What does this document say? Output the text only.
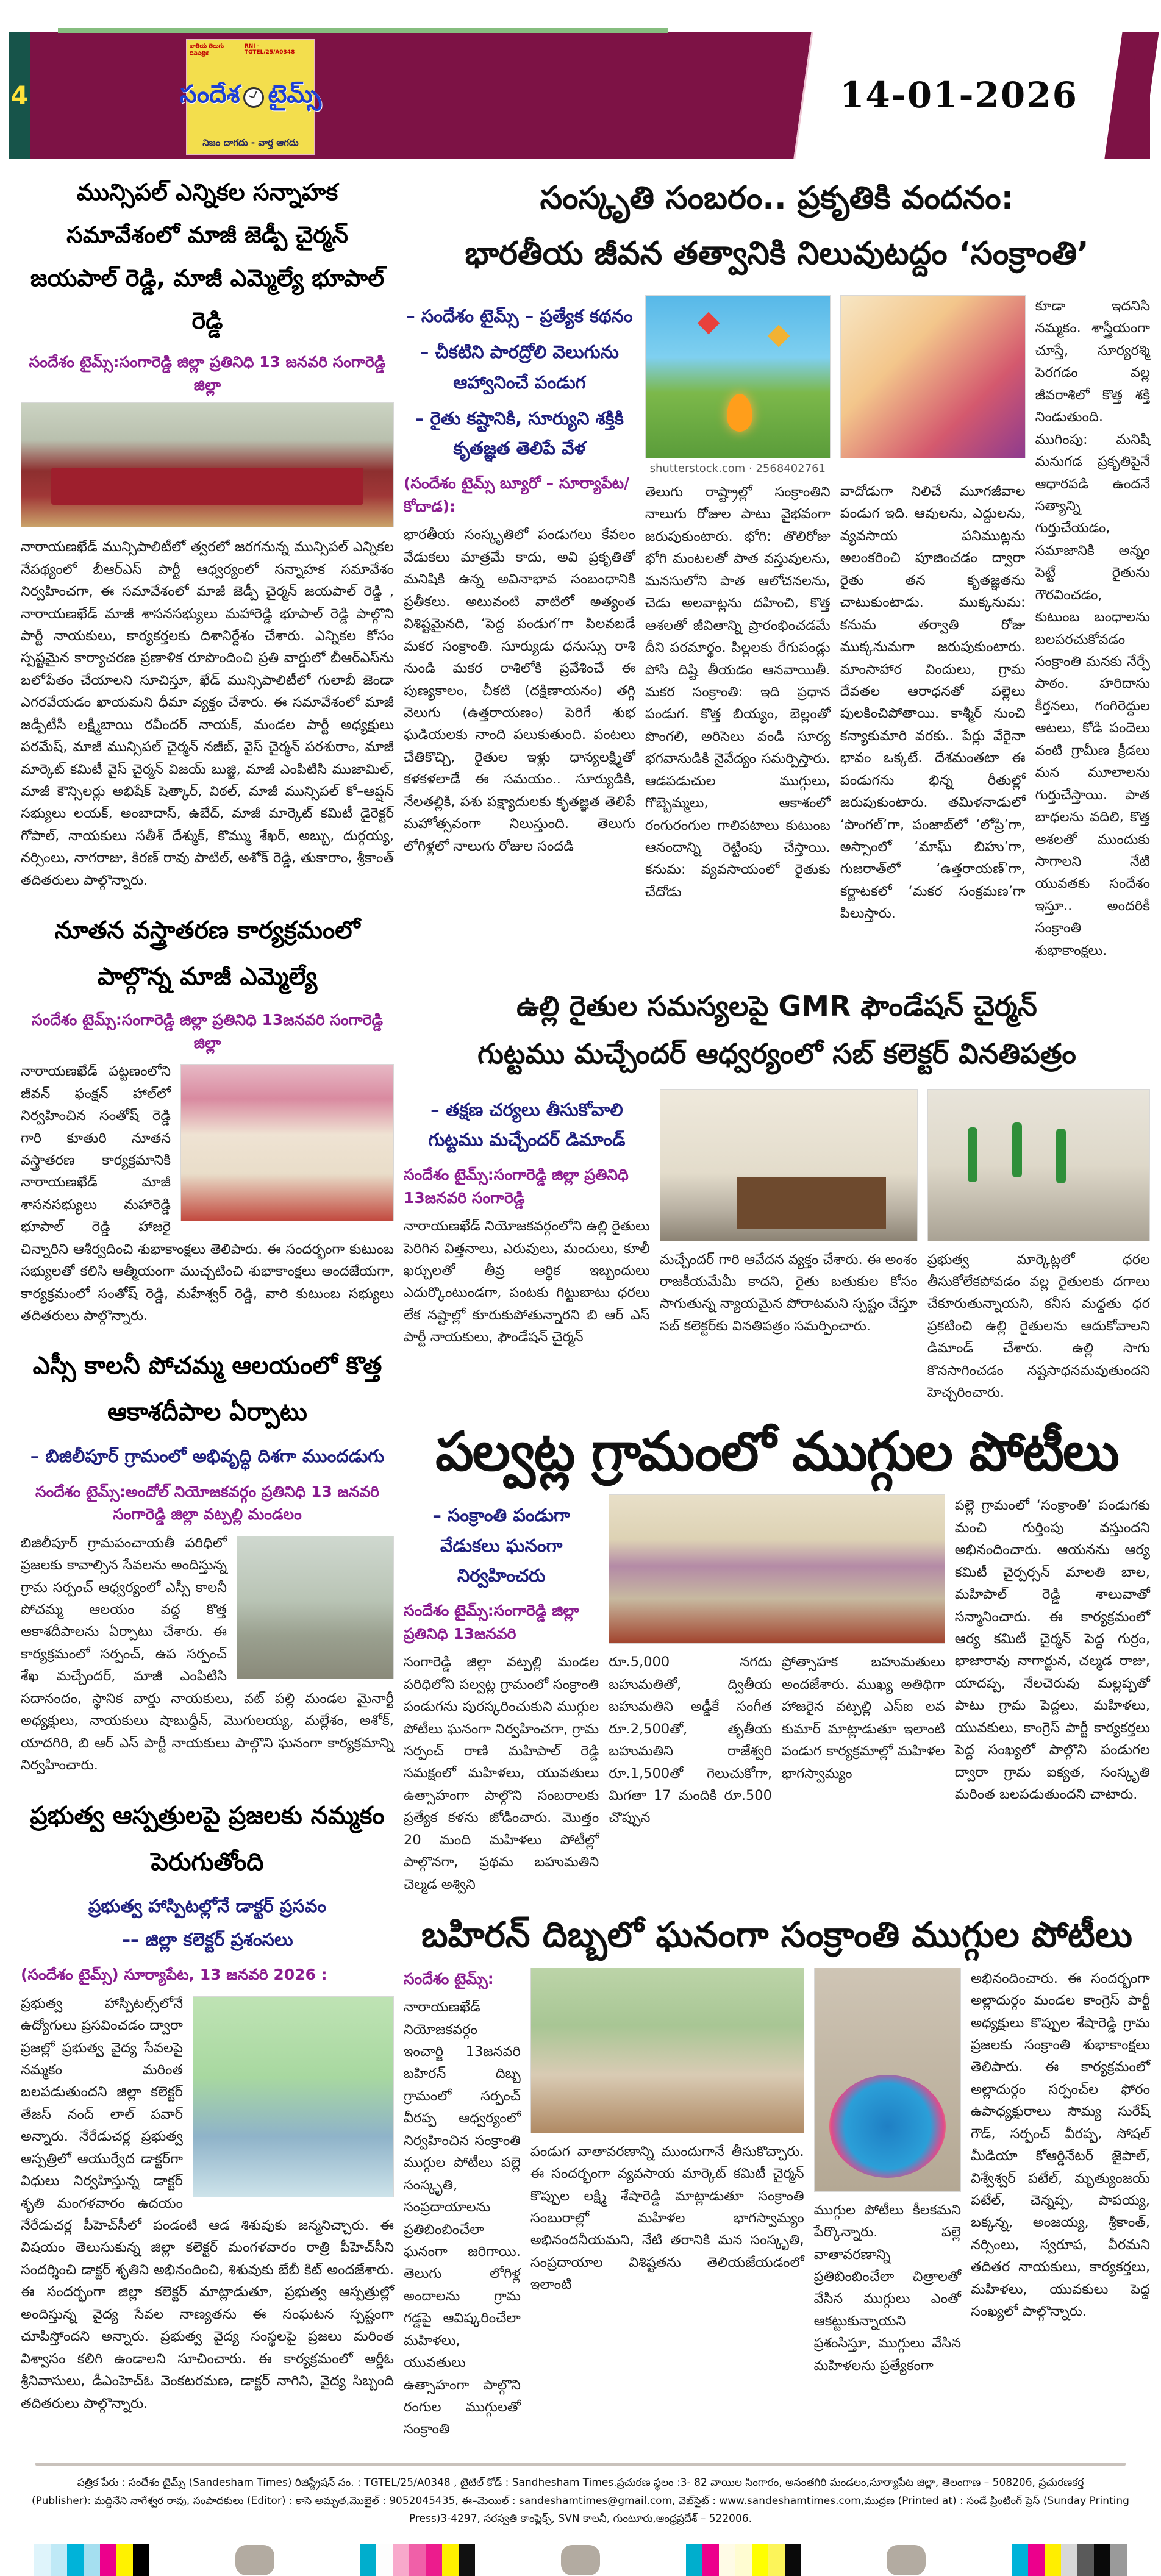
4
జాతీయ తెలుగు దినపత్రిక
RNI - TGTEL/25/A0348
సందేశ టైమ్స్
నిజం దాగదు - వార్త ఆగదు
14-01-2026
మున్సిపల్ ఎన్నికల సన్నాహక సమావేశంలో మాజీ జెడ్పీ చైర్మన్ జయపాల్ రెడ్డి, మాజీ ఎమ్మెల్యే భూపాల్ రెడ్డి

సందేశం టైమ్స్:సంగారెడ్డి జిల్లా ప్రతినిధి 13 జనవరి సంగారెడ్డి జిల్లా

నారాయణఖేడ్ మున్సిపాలిటీలో త్వరలో జరగనున్న మున్సిపల్ ఎన్నికల నేపథ్యంలో బీఆర్ఎస్ పార్టీ ఆధ్వర్యంలో సన్నాహక సమావేశం నిర్వహించగా, ఈ సమావేశంలో మాజీ జెడ్పీ చైర్మన్ జయపాల్ రెడ్డి , నారాయణఖేడ్ మాజీ శాసనసభ్యులు మహారెడ్డి భూపాల్ రెడ్డి పాల్గొని పార్టీ నాయకులు, కార్యకర్తలకు దిశానిర్దేశం చేశారు. ఎన్నికల కోసం స్పష్టమైన కార్యాచరణ ప్రణాళిక రూపొందించి ప్రతి వార్డులో బీఆర్ఎస్‌ను బలోపేతం చేయాలని సూచిస్తూ, ఖేడ్ మున్సిపాలిటీలో గులాబీ జెండా ఎగరవేయడం ఖాయమని ధీమా వ్యక్తం చేశారు. ఈ సమావేశంలో మాజీ జడ్పీటీసీ లక్ష్మీబాయి రవీందర్ నాయక్, మండల పార్టీ అధ్యక్షులు పరమేష్, మాజీ మున్సిపల్ చైర్మన్ నజీబ్, వైస్ చైర్మన్ పరశురాం, మాజీ మార్కెట్ కమిటీ వైస్ చైర్మన్ విజయ్ బుజ్జి, మాజీ ఎంపిటిసి ముజామిల్, మాజీ కౌన్సిలర్లు అభిషేక్ షెత్కార్, విఠల్, మాజీ మున్సిపల్ కో–ఆప్షన్ సభ్యులు లయక్, అంబాదాస్, ఉబేద్, మాజీ మార్కెట్ కమిటీ డైరెక్టర్ గోపాల్, నాయకులు సతీశ్ దేశ్ముక్, కొమ్ము శేఖర్, అబ్బు, దుర్గయ్య, నర్సింలు, నాగరాజు, కిరణ్ రావు పాటిల్, అశోక్ రెడ్డి, తుకారాం, శ్రీకాంత్ తదితరులు పాల్గొన్నారు.

నూతన వస్త్రాతరణ కార్యక్రమంలో పాల్గొన్న మాజీ ఎమ్మెల్యే

సందేశం టైమ్స్:సంగారెడ్డి జిల్లా ప్రతినిధి 13జనవరి సంగారెడ్డి జిల్లా

నారాయణఖేడ్ పట్టణంలోని జీవన్ ఫంక్షన్ హాల్‌లో నిర్వహించిన సంతోష్ రెడ్డి గారి కూతురి నూతన వస్త్రాతరణ కార్యక్రమానికి నారాయణఖేడ్ మాజీ శాసనసభ్యులు మహారెడ్డి భూపాల్ రెడ్డి హాజరై చిన్నారిని ఆశీర్వదించి శుభాకాంక్షలు తెలిపారు. ఈ సందర్భంగా కుటుంబ సభ్యులతో కలిసి ఆత్మీయంగా ముచ్చటించి శుభాకాంక్షలు అందజేయగా, కార్యక్రమంలో సంతోష్ రెడ్డి, మహేశ్వర్ రెడ్డి, వారి కుటుంబ సభ్యులు తదితరులు పాల్గొన్నారు.

ఎస్సీ కాలనీ పోచమ్మ ఆలయంలో కొత్త ఆకాశదీపాల ఏర్పాటు

– బిజిలీపూర్ గ్రామంలో అభివృద్ధి దిశగా ముందడుగు

సందేశం టైమ్స్:అందోల్ నియోజకవర్గం ప్రతినిధి 13 జనవరి సంగారెడ్డి జిల్లా వట్పల్లి మండలం

బిజిలీపూర్ గ్రామపంచాయతీ పరిధిలో ప్రజలకు కావాల్సిన సేవలను అందిస్తున్న గ్రామ సర్పంచ్ ఆధ్వర్యంలో ఎస్సీ కాలనీ పోచమ్మ ఆలయం వద్ద కొత్త ఆకాశదీపాలను ఏర్పాటు చేశారు. ఈ కార్యక్రమంలో సర్పంచ్, ఉప సర్పంచ్ శేఖ మచ్చేందర్, మాజీ ఎంపిటిసి సదానందం, స్థానిక వార్డు నాయకులు, వట్ పల్లి మండల మైనార్టీ అధ్యక్షులు, నాయకులు షాబుద్దీన్, మొగులయ్య, మల్లేశం, అశోక్, యాదగిరి, బి ఆర్ ఎస్ పార్టీ నాయకులు పాల్గొని ఘనంగా కార్యక్రమాన్ని నిర్వహించారు.

ప్రభుత్వ ఆస్పత్రులపై ప్రజలకు నమ్మకం పెరుగుతోంది

ప్రభుత్వ హాస్పిటల్లోనే డాక్టర్ ప్రసవం

–– జిల్లా కలెక్టర్ ప్రశంసలు

(సందేశం టైమ్స్) సూర్యాపేట, 13 జనవరి 2026 :

ప్రభుత్వ హాస్పిటల్స్‌లోనే ఉద్యోగులు ప్రసవించడం ద్వారా ప్రజల్లో ప్రభుత్వ వైద్య సేవలపై నమ్మకం మరింత బలపడుతుందని జిల్లా కలెక్టర్ తేజస్ నంద్ లాల్ పవార్ అన్నారు. నేరేడుచర్ల ప్రభుత్వ ఆస్పత్రిలో ఆయుర్వేద డాక్టర్‌గా విధులు నిర్వహిస్తున్న డాక్టర్ శృతి మంగళవారం ఉదయం నేరేడుచర్ల పీహెచ్‌సీలో పండంటి ఆడ శిశువుకు జన్మనిచ్చారు. ఈ విషయం తెలుసుకున్న జిల్లా కలెక్టర్ మంగళవారం రాత్రి పీహెచ్‌సీని సందర్శించి డాక్టర్ శృతిని అభినందించి, శిశువుకు బేబీ కిట్ అందజేశారు. ఈ సందర్భంగా జిల్లా కలెక్టర్ మాట్లాడుతూ, ప్రభుత్వ ఆస్పత్రుల్లో అందిస్తున్న వైద్య సేవల నాణ్యతను ఈ సంఘటన స్పష్టంగా చూపిస్తోందని అన్నారు. ప్రభుత్వ వైద్య సంస్థలపై ప్రజలు మరింత విశ్వాసం కలిగి ఉండాలని సూచించారు. ఈ కార్యక్రమంలో ఆర్డీఓ శ్రీనివాసులు, డీఎంహెచ్ఓ వెంకటరమణ, డాక్టర్ నాగిని, వైద్య సిబ్బంది తదితరులు పాల్గొన్నారు.

సంస్కృతి సంబరం.. ప్రకృతికి వందనం:
భారతీయ జీవన తత్వానికి నిలువుటద్దం ‘సంక్రాంతి’

– సందేశం టైమ్స్ – ప్రత్యేక కథనం

– చీకటిని పారద్రోలి వెలుగును ఆహ్వానించే పండుగ

– రైతు కష్టానికి, సూర్యుని శక్తికి కృతజ్ఞత తెలిపే వేళ

(సందేశం టైమ్స్ బ్యూరో – సూర్యాపేట/కోదాడ):

భారతీయ సంస్కృతిలో పండుగలు కేవలం వేడుకలు మాత్రమే కాదు, అవి ప్రకృతితో మనిషికి ఉన్న అవినాభావ సంబంధానికి ప్రతీకలు. అటువంటి వాటిలో అత్యంత విశిష్టమైనది, ‘పెద్ద పండుగ’గా పిలవబడే మకర సంక్రాంతి. సూర్యుడు ధనుస్సు రాశి నుండి మకర రాశిలోకి ప్రవేశించే ఈ పుణ్యకాలం, చీకటి (దక్షిణాయనం) తగ్గి వెలుగు (ఉత్తరాయణం) పెరిగే శుభ ఘడియలకు నాంది పలుకుతుంది. పంటలు చేతికొచ్చి, రైతుల ఇళ్లు ధాన్యలక్ష్మితో కళకళలాడే ఈ సమయం.. సూర్యుడికి, నేలతల్లికి, పశు పక్ష్యాదులకు కృతజ్ఞత తెలిపే మహోత్సవంగా నిలుస్తుంది. తెలుగు లోగిళ్లలో నాలుగు రోజుల సందడి

shutterstock.com · 2568402761

తెలుగు రాష్ట్రాల్లో సంక్రాంతిని నాలుగు రోజుల పాటు వైభవంగా జరుపుకుంటారు. భోగి: తొలిరోజు భోగి మంటలతో పాత వస్తువులను, మనసులోని పాత ఆలోచనలను, చెడు అలవాట్లను దహించి, కొత్త ఆశలతో జీవితాన్ని ప్రారంభించడమే దీని పరమార్థం. పిల్లలకు రేగుపండ్లు పోసి దిష్టి తీయడం ఆనవాయితీ. మకర సంక్రాంతి: ఇది ప్రధాన పండుగ. కొత్త బియ్యం, బెల్లంతో పొంగలి, అరిసెలు వండి సూర్య భగవానుడికి నైవేద్యం సమర్పిస్తారు. ఆడపడుచుల ముగ్గులు, గొబ్బెమ్మలు, ఆకాశంలో రంగురంగుల గాలిపటాలు కుటుంబ ఆనందాన్ని రెట్టింపు చేస్తాయి. కనుమ: వ్యవసాయంలో రైతుకు చేదోడు

వాదోడుగా నిలిచే మూగజీవాల పండుగ ఇది. ఆవులను, ఎద్దులను, వ్యవసాయ పనిముట్లను అలంకరించి పూజించడం ద్వారా రైతు తన కృతజ్ఞతను చాటుకుంటాడు. ముక్కనుమ: కనుమ తర్వాతి రోజు ముక్కనుమగా జరుపుకుంటారు. మాంసాహార విందులు, గ్రామ దేవతల ఆరాధనతో పల్లెలు పులకించిపోతాయి. కాశ్మీర్ నుంచి కన్యాకుమారి వరకు.. పేర్లు వేరైనా భావం ఒక్కటే. దేశమంతటా ఈ పండుగను భిన్న రీతుల్లో జరుపుకుంటారు. తమిళనాడులో ‘పొంగల్’గా, పంజాబ్‌లో ‘లోప్రి’గా, అస్సాంలో ‘మాఘ్ బిహు’గా, గుజరాత్‌లో ‘ఉత్తరాయణ్’గా, కర్ణాటకలో ‘మకర సంక్రమణ’గా పిలుస్తారు.

కూడా ఇదనిసి నమ్మకం. శాస్త్రీయంగా చూస్తే, సూర్యరశ్మి పెరగడం వల్ల జీవరాశిలో కొత్త శక్తి నిండుతుంది. ముగింపు: మనిషి మనుగడ ప్రకృతిపైనే ఆధారపడి ఉందనే సత్యాన్ని గుర్తుచేయడం, సమాజానికి అన్నం పెట్టే రైతును గౌరవించడం, కుటుంబ బంధాలను బలపరచుకోవడం సంక్రాంతి మనకు నేర్పే పాఠం. హరిదాసు కీర్తనలు, గంగిరెద్దుల ఆటలు, కోడి పందెలు వంటి గ్రామీణ క్రీడలు మన మూలాలను గుర్తుచేస్తాయి. పాత బాధలను వదిలి, కొత్త ఆశలతో ముందుకు సాగాలని నేటి యువతకు సందేశం ఇస్తూ.. అందరికీ సంక్రాంతి శుభాకాంక్షలు.

ఉల్లి రైతుల సమస్యలపై GMR ఫౌండేషన్ చైర్మన్
గుట్టము మచ్చేందర్ ఆధ్వర్యంలో సబ్ కలెక్టర్ వినతిపత్రం

– తక్షణ చర్యలు తీసుకోవాలి గుట్టము మచ్చేందర్ డిమాండ్

సందేశం టైమ్స్:సంగారెడ్డి జిల్లా ప్రతినిధి 13జనవరి సంగారెడ్డి

నారాయణఖేడ్ నియోజకవర్గంలోని ఉల్లి రైతులు పెరిగిన విత్తనాలు, ఎరువులు, మందులు, కూలీ ఖర్చులతో తీవ్ర ఆర్థిక ఇబ్బందులు ఎదుర్కొంటుండగా, పంటకు గిట్టుబాటు ధరలు లేక నష్టాల్లో కూరుకుపోతున్నారని బి ఆర్ ఎస్ పార్టీ నాయకులు, ఫౌండేషన్ చైర్మన్

మచ్చేందర్ గారి ఆవేదన వ్యక్తం చేశారు. ఈ అంశం రాజకీయమేమీ కాదని, రైతు బతుకుల కోసం సాగుతున్న న్యాయమైన పోరాటమని స్పష్టం చేస్తూ సబ్ కలెక్టర్‌కు వినతిపత్రం సమర్పించారు.

ప్రభుత్వ మార్కెట్లలో ధరల తీసుకోలేకపోవడం వల్ల రైతులకు దగాలు చేకూరుతున్నాయని, కనీస మద్దతు ధర ప్రకటించి ఉల్లి రైతులను ఆదుకోవాలని డిమాండ్ చేశారు. ఉల్లి సాగు కొనసాగించడం నష్టసాధనమవుతుందని హెచ్చరించారు.

పల్వట్ల గ్రామంలో ముగ్గుల పోటీలు

– సంక్రాంతి పండుగా వేడుకలు ఘనంగా నిర్వహించరు

సందేశం టైమ్స్:సంగారెడ్డి జిల్లా ప్రతినిధి 13జనవరి

సంగారెడ్డి జిల్లా వట్పల్లి మండల పరిధిలోని పల్వట్ల గ్రామంలో సంక్రాంతి పండుగను పురస్కరించుకుని ముగ్గుల పోటీలు ఘనంగా నిర్వహించగా, గ్రామ సర్పంచ్ రాణి మహిపాల్ రెడ్డి సమక్షంలో మహిళలు, యువతులు ఉత్సాహంగా పాల్గొని సంబరాలకు ప్రత్యేక కళను జోడించారు. మొత్తం 20 మంది మహిళలు పోటీల్లో పాల్గొనగా, ప్రథమ బహుమతిని చెల్మడ అశ్విని

రూ.5,000 నగదు బహుమతితో, ద్వితీయ బహుమతిని అడ్డీకే సంగీత రూ.2,500తో, తృతీయ బహుమతిని రాజేశ్వరి రూ.1,500తో గెలుచుకోగా, మిగతా 17 మందికి రూ.500 చొప్పున

ప్రోత్సాహక బహుమతులు అందజేశారు. ముఖ్య అతిథిగా హాజరైన వట్పల్లి ఎస్ఐ లవ కుమార్ మాట్లాడుతూ ఇలాంటి పండుగ కార్యక్రమాల్లో మహిళల భాగస్వామ్యం

పల్లె గ్రామంలో ‘సంక్రాంతి’ పండుగకు మంచి గుర్తింపు వస్తుందని అభినందించారు. ఆయనను ఆర్య కమిటీ చైర్పర్సన్ మాలతి బాల, మహిపాల్ రెడ్డి శాలువాతో సన్మానించారు. ఈ కార్యక్రమంలో ఆర్య కమిటీ చైర్మన్ పెద్ద గుర్రం, భాజారావు నాగార్జున, చల్మడ రాజు, యాదప్ప, నేలచెరువు మల్లప్పతో పాటు గ్రామ పెద్దలు, మహిళలు, యువకులు, కాంగ్రెస్ పార్టీ కార్యకర్తలు పెద్ద సంఖ్యలో పాల్గొని పండుగల ద్వారా గ్రామ ఐక్యత, సంస్కృతి మరింత బలపడుతుందని చాటారు.

బహిరన్ దిబ్బలో ఘనంగా సంక్రాంతి ముగ్గుల పోటీలు

సందేశం టైమ్స్:

నారాయణఖేడ్ నియోజకవర్గం ఇంచార్జి 13జనవరి బహిరన్ దిబ్బ గ్రామంలో సర్పంచ్ వీరప్ప ఆధ్వర్యంలో నిర్వహించిన సంక్రాంతి ముగ్గుల పోటీలు పల్లె సంస్కృతి, సంప్రదాయాలను ప్రతిబింబించేలా ఘనంగా జరిగాయి. తెలుగు లోగిళ్ల అందాలను గ్రామ గడ్డపై ఆవిష్కరించేలా మహిళలు, యువతులు ఉత్సాహంగా పాల్గొని రంగుల ముగ్గులతో సంక్రాంతి

పండుగ వాతావరణాన్ని ముందుగానే తీసుకొచ్చారు. ఈ సందర్భంగా వ్యవసాయ మార్కెట్ కమిటీ చైర్మన్ కొప్పుల లక్ష్మి శేషారెడ్డి మాట్లాడుతూ సంక్రాంతి సంబురాల్లో మహిళల భాగస్వామ్యం అభినందనీయమని, నేటి తరానికి మన సంస్కృతి, సంప్రదాయాల విశిష్టతను తెలియజేయడంలో ఇలాంటి

ముగ్గుల పోటీలు కీలకమని పేర్కొన్నారు. పల్లె వాతావరణాన్ని ప్రతిబింబించేలా చిత్రాలతో వేసిన ముగ్గులు ఎంతో ఆకట్టుకున్నాయని ప్రశంసిస్తూ, ముగ్గులు వేసిన మహిళలను ప్రత్యేకంగా

అభినందించారు. ఈ సందర్భంగా అల్లాదుర్గం మండల కాంగ్రెస్ పార్టీ అధ్యక్షులు కొప్పుల శేషారెడ్డి గ్రామ ప్రజలకు సంక్రాంతి శుభాకాంక్షలు తెలిపారు. ఈ కార్యక్రమంలో అల్లాదుర్గం సర్పంచ్‌ల ఫోరం ఉపాధ్యక్షురాలు సౌమ్య సురేష్ గౌడ్, సర్పంచ్ వీరప్ప, సోషల్ మీడియా కోఆర్డినేటర్ జైపాల్, విశ్వేశ్వర్ పటేల్, మృత్యుంజయ్ పటేల్, చెన్నప్ప, పాపయ్య, బక్కన్న, అంజయ్య, శ్రీకాంత్, నర్సింలు, స్వరూప, వీరమని తదితర నాయకులు, కార్యకర్తలు, మహిళలు, యువకులు పెద్ద సంఖ్యలో పాల్గొన్నారు.

పత్రిక పేరు : సందేశం టైమ్స్ (Sandesham Times) రిజిస్ట్రేషన్ నం. : TGTEL/25/A0348 , టైటిల్ కోడ్ : Sandhesham Times.ప్రచురణ స్థలం :3- 82 వాయిల సింగారం, అనంతగిరి మండలం,సూర్యాపేట జిల్లా, తెలంగాణ – 508206, ప్రచురణకర్త

(Publisher): మద్దినేని నాగేశ్వర రావు, సంపాదకులు (Editor) : కాసె అమృత,మొబైల్ : 9052045435, ఈ–మెయిల్ : sandeshamtimes@gmail.com, వెబ్‌సైట్ : www.sandeshamtimes.com,ముద్రణ (Printed at) : సండే ప్రింటింగ్ ప్రెస్ (Sunday Printing Press)3-4297, సరస్వతి కాంప్లెక్స్, SVN కాలనీ, గుంటూరు,ఆంధ్రప్రదేశ్ – 522006.
